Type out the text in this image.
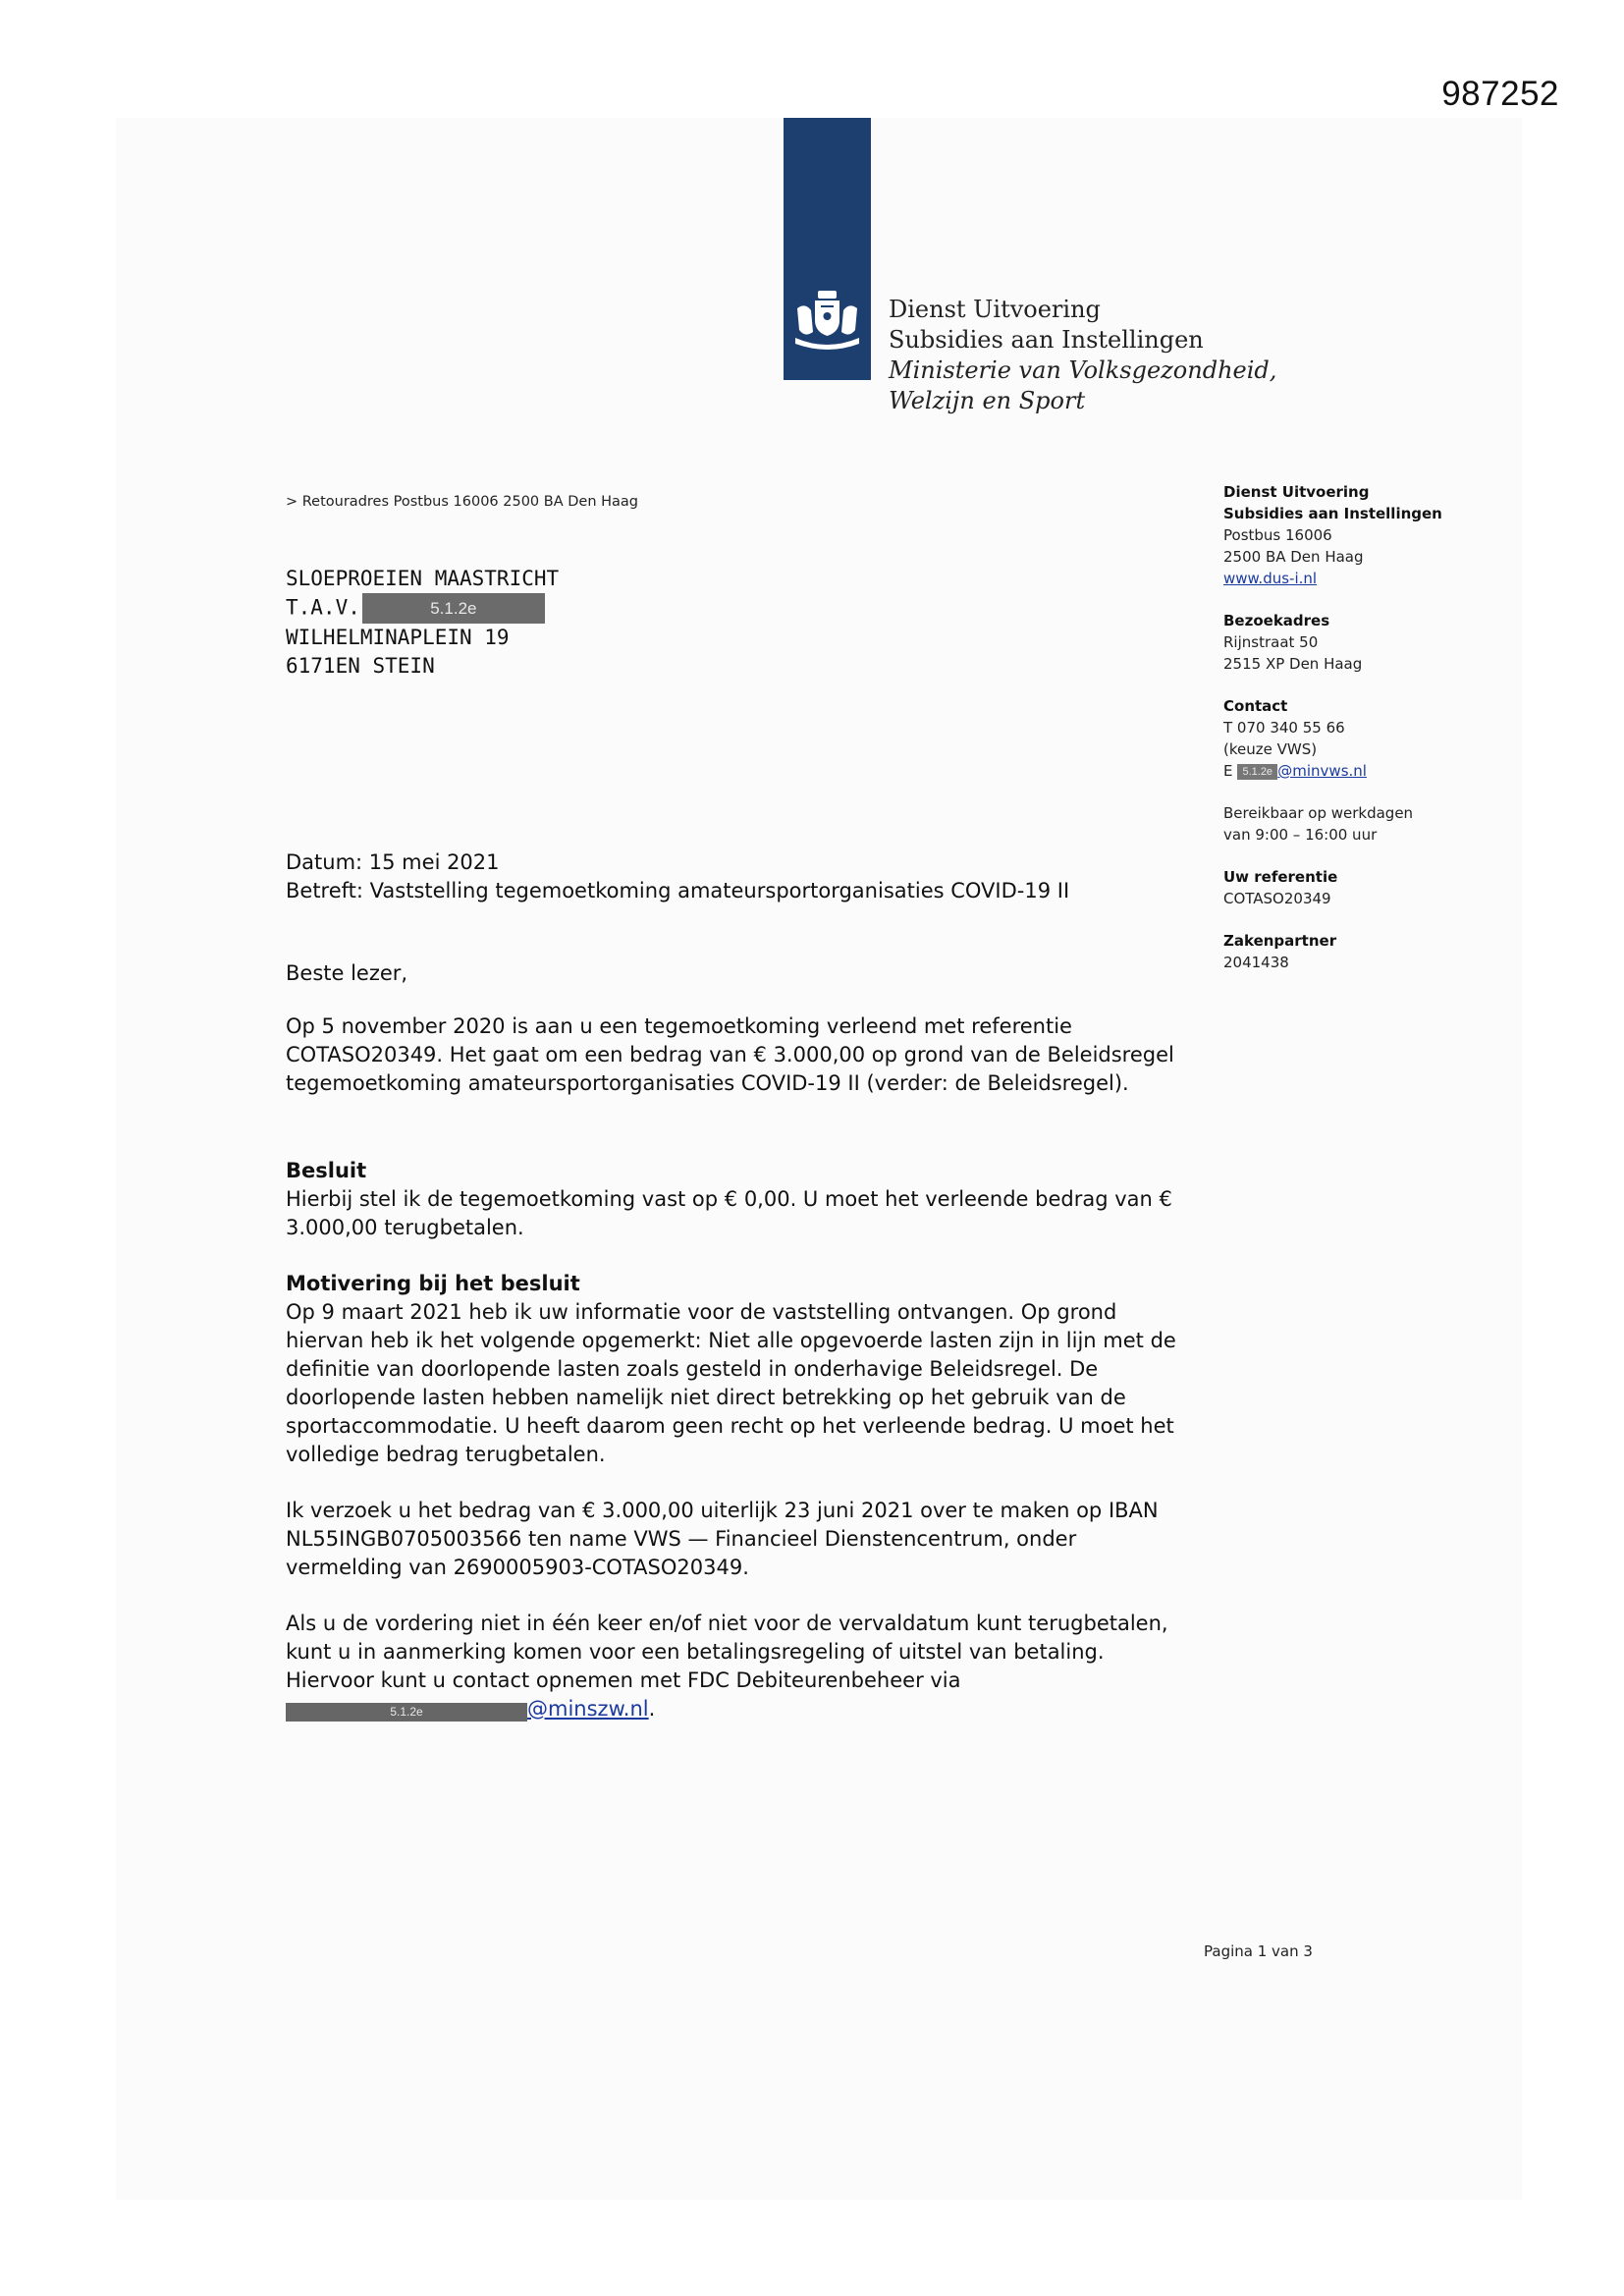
987252
Dienst Uitvoering
Subsidies aan Instellingen
Ministerie van Volksgezondheid,
Welzijn en Sport
> Retouradres Postbus 16006 2500 BA Den Haag
SLOEPROEIEN MAASTRICHT
T.A.V.	5.1.2e
WILHELMINAPLEIN 19
6171EN STEIN
Dienst Uitvoering
Subsidies aan Instellingen
Postbus 16006
2500 BA Den Haag
www.dus-i.nl
Bezoekadres
Rijnstraat 50
2515 XP Den Haag
Contact
T 070 340 55 66
(keuze VWS)
E 5.1.2e @minvws.nl
Bereikbaar op werkdagen
van 9:00 – 16:00 uur
Uw referentie
COTASO20349
Zakenpartner
2041438

Datum: 15 mei 2021

Betreft: Vaststelling tegemoetkoming amateursportorganisaties COVID-19 II

Beste lezer,

Op 5 november 2020 is aan u een tegemoetkoming verleend met referentie COTASO20349. Het gaat om een bedrag van € 3.000,00 op grond van de Beleidsregel tegemoetkoming amateursportorganisaties COVID-19 II (verder: de Beleidsregel).

Besluit

Hierbij stel ik de tegemoetkoming vast op € 0,00. U moet het verleende bedrag van € 3.000,00 terugbetalen.

Motivering bij het besluit

Op 9 maart 2021 heb ik uw informatie voor de vaststelling ontvangen. Op grond hiervan heb ik het volgende opgemerkt: Niet alle opgevoerde lasten zijn in lijn met de definitie van doorlopende lasten zoals gesteld in onderhavige Beleidsregel. De doorlopende lasten hebben namelijk niet direct betrekking op het gebruik van de sportaccommodatie. U heeft daarom geen recht op het verleende bedrag. U moet het volledige bedrag terugbetalen.

Ik verzoek u het bedrag van € 3.000,00 uiterlijk 23 juni 2021 over te maken op IBAN NL55INGB0705003566 ten name VWS — Financieel Dienstencentrum, onder vermelding van 2690005903-COTASO20349.

Als u de vordering niet in één keer en/of niet voor de vervaldatum kunt terugbetalen, kunt u in aanmerking komen voor een betalingsregeling of uitstel van betaling. Hiervoor kunt u contact opnemen met FDC Debiteurenbeheer via
5.1.2e	@minszw.nl.

Pagina 1 van 3
